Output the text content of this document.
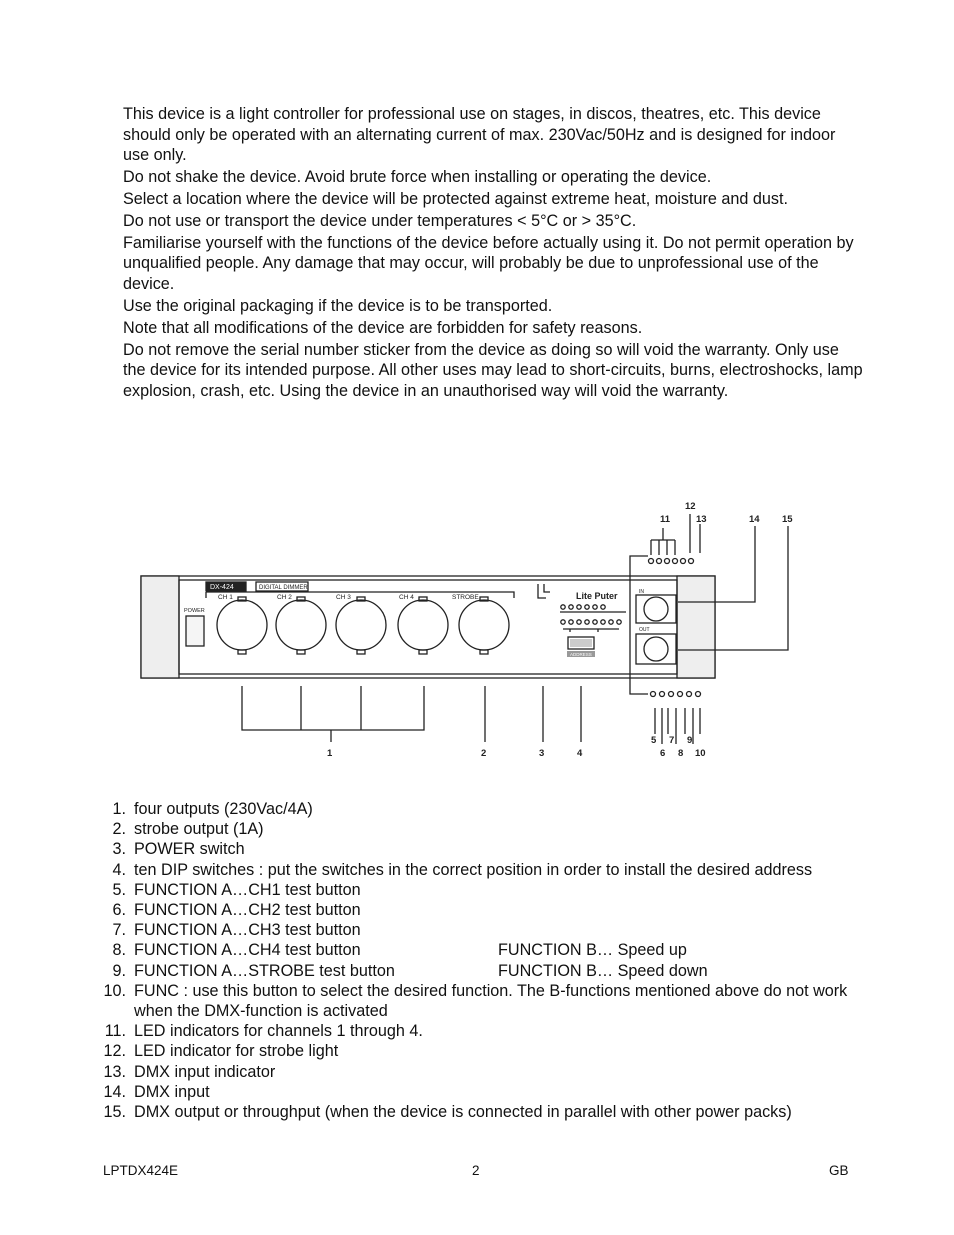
This device is a light controller for professional use on stages, in discos, theatres, etc. This device should only be operated with an alternating current of max. 230Vac/50Hz and is designed for indoor use only.

Do not shake the device. Avoid brute force when installing or operating the device.

Select a location where the device will be protected against extreme heat, moisture and dust.

Do not use or transport the device under temperatures < 5°C or > 35°C.

Familiarise yourself with the functions of the device before actually using it. Do not permit operation by unqualified people. Any damage that may occur, will probably be due to unprofessional use of the device.

Use the original packaging if the device is to be transported.

Note that all modifications of the device are forbidden for safety reasons.

Do not remove the serial number sticker from the device as doing so will void the warranty. Only use the device for its intended purpose. All other uses may lead to short-circuits, burns, electroshocks, lamp explosion, crash, etc. Using the device in an unauthorised way will void the warranty.

DX-424	DIGITAL DIMMER
POWER
CH 1	CH 2	CH 3	CH 4	STROBE	Lite Puter
ADDRESS
IN
OUT
1	2	3	4
5
6
7
8
9
10
11
12
13	14 15
1. four outputs (230Vac/4A)
2. strobe output (1A)
3. POWER switch
4. ten DIP switches : put the switches in the correct position in order to install the desired address
5. FUNCTION A…CH1 test button
6. FUNCTION A…CH2 test button
7. FUNCTION A…CH3 test button
8. FUNCTION A…CH4 test button	FUNCTION B… Speed up
9. FUNCTION A…STROBE test button	FUNCTION B… Speed down
10. FUNC : use this button to select the desired function. The B-functions mentioned above do not work when the DMX-function is activated
11. LED indicators for channels 1 through 4.
12. LED indicator for strobe light
13. DMX input indicator
14. DMX input
15. DMX output or throughput (when the device is connected in parallel with other power packs)
LPTDX424E	2	GB
